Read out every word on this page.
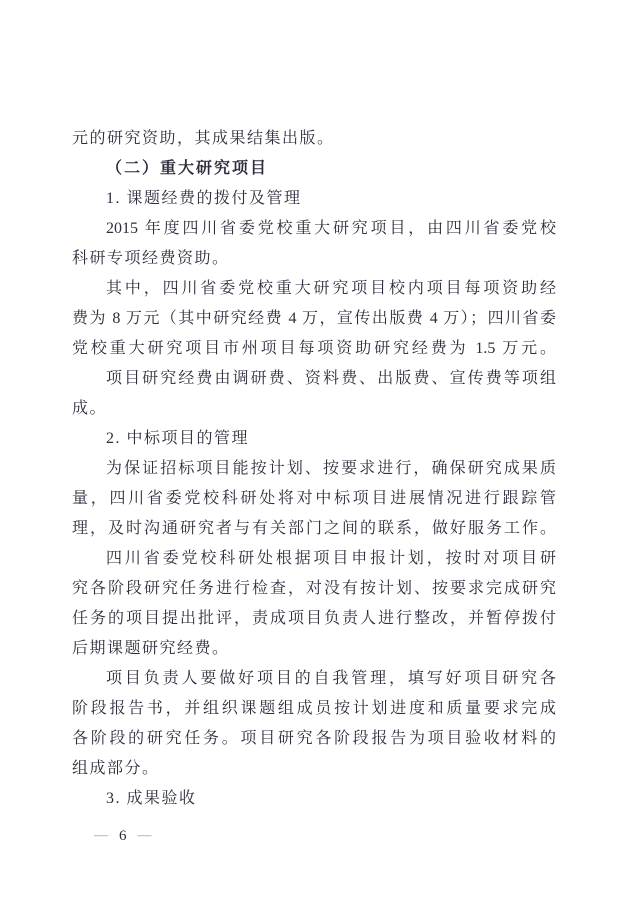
元的研究资助，其成果结集出版。
（二）重大研究项目
1. 课题经费的拨付及管理
2015 年度四川省委党校重大研究项目，由四川省委党校
科研专项经费资助。
其中，四川省委党校重大研究项目校内项目每项资助经
费为 8 万元（其中研究经费 4 万，宣传出版费 4 万）；四川省委
党校重大研究项目市州项目每项资助研究经费为 1.5 万元。
项目研究经费由调研费、资料费、出版费、宣传费等项组
成。
2. 中标项目的管理
为保证招标项目能按计划、按要求进行，确保研究成果质
量，四川省委党校科研处将对中标项目进展情况进行跟踪管
理，及时沟通研究者与有关部门之间的联系，做好服务工作。
四川省委党校科研处根据项目申报计划，按时对项目研
究各阶段研究任务进行检查，对没有按计划、按要求完成研究
任务的项目提出批评，责成项目负责人进行整改，并暂停拨付
后期课题研究经费。
项目负责人要做好项目的自我管理，填写好项目研究各
阶段报告书，并组织课题组成员按计划进度和质量要求完成
各阶段的研究任务。项目研究各阶段报告为项目验收材料的
组成部分。
3. 成果验收
— 6 —
